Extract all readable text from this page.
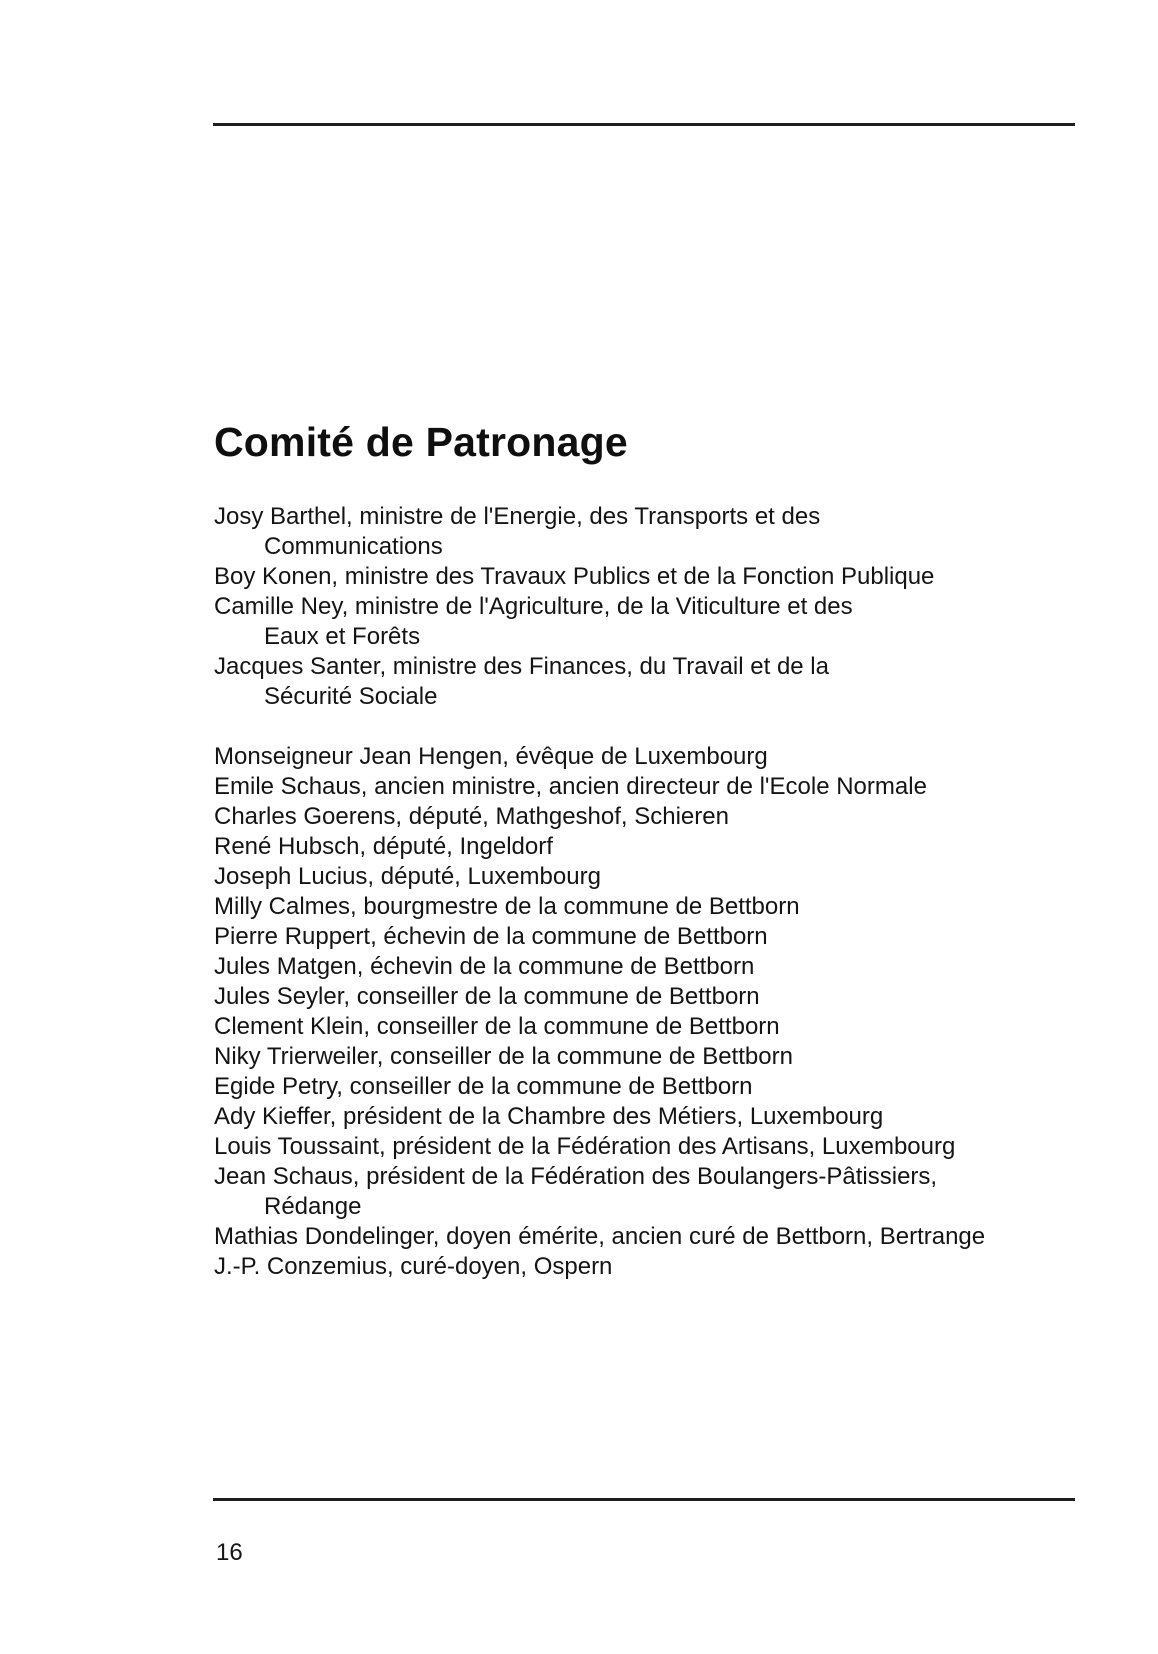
Comité de Patronage
Josy Barthel, ministre de l'Energie, des Transports et des
Communications
Boy Konen, ministre des Travaux Publics et de la Fonction Publique
Camille Ney, ministre de l'Agriculture, de la Viticulture et des
Eaux et Forêts
Jacques Santer, ministre des Finances, du Travail et de la
Sécurité Sociale
Monseigneur Jean Hengen, évêque de Luxembourg
Emile Schaus, ancien ministre, ancien directeur de l'Ecole Normale
Charles Goerens, député, Mathgeshof, Schieren
René Hubsch, député, Ingeldorf
Joseph Lucius, député, Luxembourg
Milly Calmes, bourgmestre de la commune de Bettborn
Pierre Ruppert, échevin de la commune de Bettborn
Jules Matgen, échevin de la commune de Bettborn
Jules Seyler, conseiller de la commune de Bettborn
Clement Klein, conseiller de la commune de Bettborn
Niky Trierweiler, conseiller de la commune de Bettborn
Egide Petry, conseiller de la commune de Bettborn
Ady Kieffer, président de la Chambre des Métiers, Luxembourg
Louis Toussaint, président de la Fédération des Artisans, Luxembourg
Jean Schaus, président de la Fédération des Boulangers-Pâtissiers,
Rédange
Mathias Dondelinger, doyen émérite, ancien curé de Bettborn, Bertrange
J.-P. Conzemius, curé-doyen, Ospern
16
